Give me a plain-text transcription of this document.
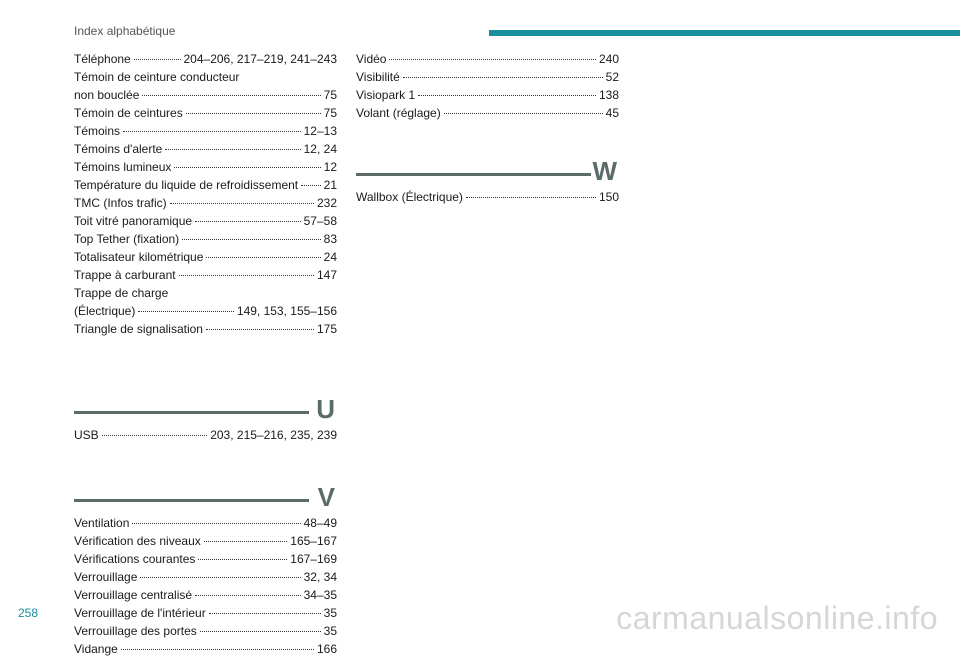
Index alphabétique
Téléphone	204–206, 217–219, 241–243
Témoin de ceinture conducteur
non bouclée	75
Témoin de ceintures	75
Témoins	12–13
Témoins d'alerte	12, 24
Témoins lumineux	12
Température du liquide de refroidissement 21
TMC (Infos trafic)	232
Toit vitré panoramique	57–58
Top Tether (fixation)	83
Totalisateur kilométrique	24
Trappe à carburant	147
Trappe de charge
(Électrique)	149, 153, 155–156
Triangle de signalisation	175
U
USB	203, 215–216, 235, 239
V
Ventilation	48–49
Vérification des niveaux	165–167
Vérifications courantes	167–169
Verrouillage	32, 34
Verrouillage centralisé	34–35
Verrouillage de l'intérieur	35
Verrouillage des portes	35
Vidange	166
Vidéo	240
Visibilité	52
Visiopark 1	138
Volant (réglage)	45
W
Wallbox (Électrique)	150
258	carmanualsonline.info
